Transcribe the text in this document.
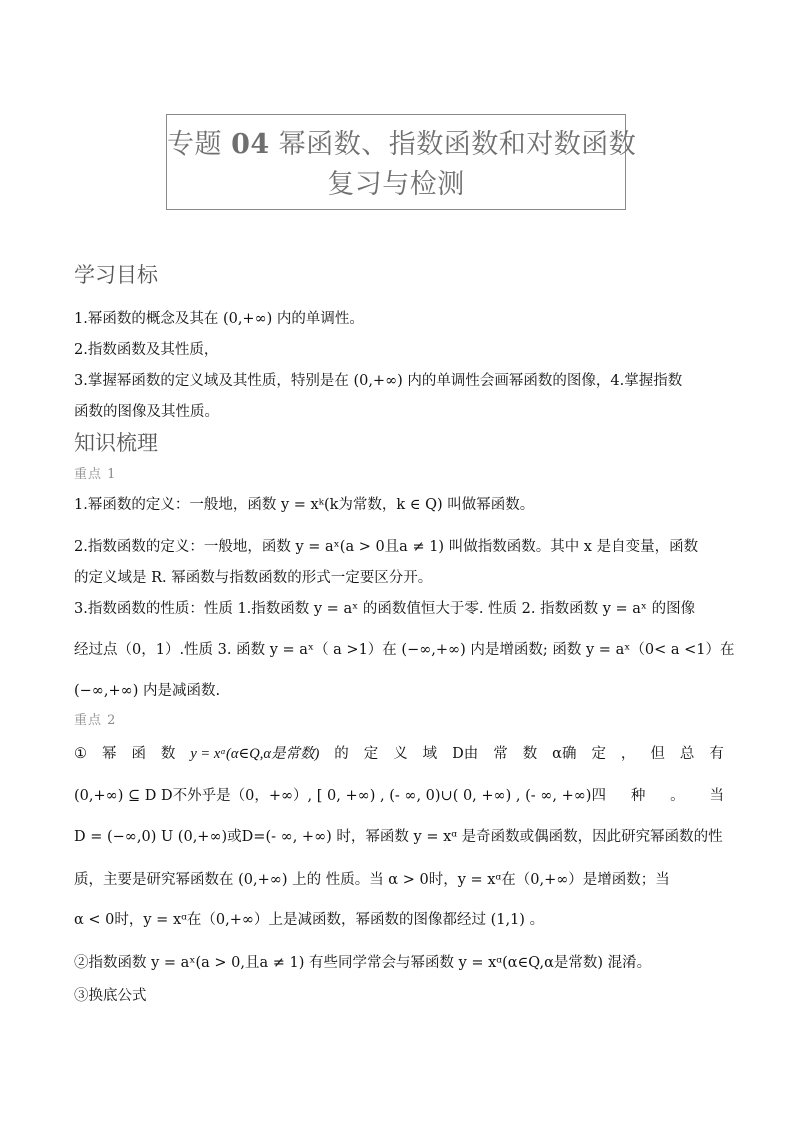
专题 04 幂函数、指数函数和对数函数
复习与检测
学习目标
1.幂函数的概念及其在 (0,+∞) 内的单调性。
2.指数函数及其性质，
3.掌握幂函数的定义域及其性质，特别是在 (0,+∞) 内的单调性会画幂函数的图像，4.掌握指数
函数的图像及其性质。
知识梳理
重点 1
1.幂函数的定义：一般地，函数 y = xᵏ(k为常数，k ∈ Q) 叫做幂函数。
2.指数函数的定义：一般地，函数 y = aˣ(a > 0且a ≠ 1) 叫做指数函数。其中 x 是自变量，函数
的定义域是 R. 幂函数与指数函数的形式一定要区分开。
3.指数函数的性质：性质 1.指数函数 y = aˣ 的函数值恒大于零. 性质 2. 指数函数 y = aˣ 的图像
经过点（0，1）.性质 3. 函数 y = aˣ（ a >1）在 (−∞,+∞) 内是增函数; 函数 y = aˣ（0< a <1）在
(−∞,+∞) 内是减函数.
重点 2
① 幂 函 数 y = xᵅ(α∈Q,α是常数) 的 定 义 域 D由 常 数 α确 定 ， 但 总 有
(0,+∞) ⊆ D D不外乎是（0，+∞）, [ 0, +∞) , (- ∞, 0)∪( 0, +∞) , (- ∞, +∞)四 种 。 当
D = (−∞,0) U (0,+∞)或D=(- ∞, +∞) 时，幂函数 y = xᵅ 是奇函数或偶函数，因此研究幂函数的性
质，主要是研究幂函数在 (0,+∞) 上的 性质。当 α > 0时，y = xᵅ在（0,+∞）是增函数；当
α < 0时，y = xᵅ在（0,+∞）上是减函数，幂函数的图像都经过 (1,1) 。
②指数函数 y = aˣ(a > 0,且a ≠ 1) 有些同学常会与幂函数 y = xᵅ(α∈Q,α是常数) 混淆。
③换底公式
